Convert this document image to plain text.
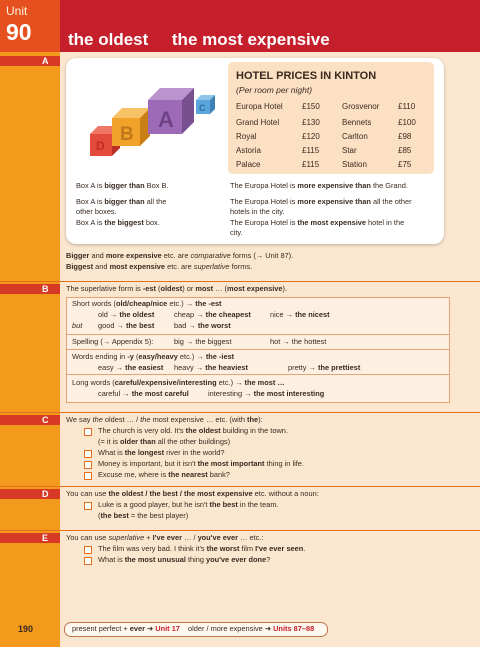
Unit
90 the oldest     the most expensive
A
B
C
D
E
D
B
A	C
HOTEL PRICES IN KINTON
(Per room per night)
Europa Hotel £150	Grosvenor £110
Grand Hotel	£130	Bennets	£100
Royal	£120	Carlton	£98
Astoria	£115	Star	£85
Palace	£115	Station	£75
Box A is bigger than Box B.
Box A is bigger than all the
other boxes.
Box A is the biggest box.
The Europa Hotel is more expensive than the Grand.
The Europa Hotel is more expensive than all the other
hotels in the city.
The Europa Hotel is the most expensive hotel in the
city.
Bigger and more expensive etc. are comparative forms (→ Unit 87).
Biggest and most expensive etc. are superlative forms.
The superlative form is -est (oldest) or most … (most expensive).
Short words (old/cheap/nice etc.) → the -est
old → the oldest	cheap → the cheapest	nice → the nicest
but good → the best	bad → the worst
Spelling (→ Appendix 5):	big → the biggest	hot → the hottest
Words ending in -y (easy/heavy etc.) → the -iest
easy → the easiest heavy → the heaviest	pretty → the prettiest
Long words (careful/expensive/interesting etc.) → the most …
careful → the most careful	interesting → the most interesting
We say the oldest … / the most expensive … etc. (with the):
The church is very old. It's the oldest building in the town.
(= it is older than all the other buildings)
What is the longest river in the world?
Money is important, but it isn't the most important thing in life.
Excuse me, where is the nearest bank?
You can use the oldest / the best / the most expensive etc. without a noun:
Luke is a good player, but he isn't the best in the team.
(the best = the best player)
You can use superlative + I've ever … / you've ever … etc.:
The film was very bad. I think it's the worst film I've ever seen.
What is the most unusual thing you've ever done?
190	present perfect + ever ➜ Unit 17 older / more expensive ➜ Units 87–88
